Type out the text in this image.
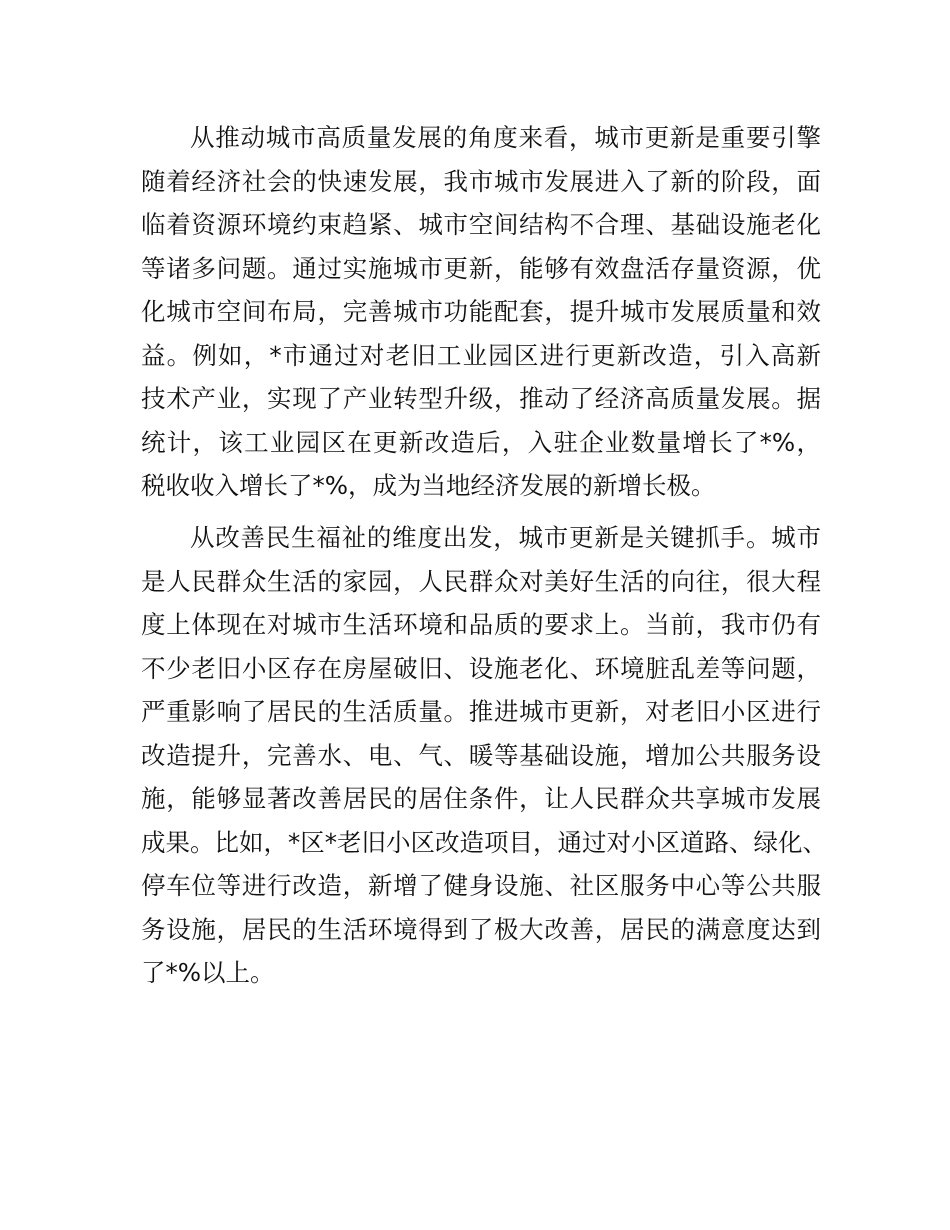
从推动城市高质量发展的角度来看，城市更新是重要引擎
随着经济社会的快速发展，我市城市发展进入了新的阶段，面
临着资源环境约束趋紧、城市空间结构不合理、基础设施老化
等诸多问题。通过实施城市更新，能够有效盘活存量资源，优
化城市空间布局，完善城市功能配套，提升城市发展质量和效
益。例如，*市通过对老旧工业园区进行更新改造，引入高新
技术产业，实现了产业转型升级，推动了经济高质量发展。据
统计，该工业园区在更新改造后，入驻企业数量增长了*%，
税收收入增长了*%，成为当地经济发展的新增长极。
从改善民生福祉的维度出发，城市更新是关键抓手。城市
是人民群众生活的家园，人民群众对美好生活的向往，很大程
度上体现在对城市生活环境和品质的要求上。当前，我市仍有
不少老旧小区存在房屋破旧、设施老化、环境脏乱差等问题，
严重影响了居民的生活质量。推进城市更新，对老旧小区进行
改造提升，完善水、电、气、暖等基础设施，增加公共服务设
施，能够显著改善居民的居住条件，让人民群众共享城市发展
成果。比如，*区*老旧小区改造项目，通过对小区道路、绿化、
停车位等进行改造，新增了健身设施、社区服务中心等公共服
务设施，居民的生活环境得到了极大改善，居民的满意度达到
了*%以上。
